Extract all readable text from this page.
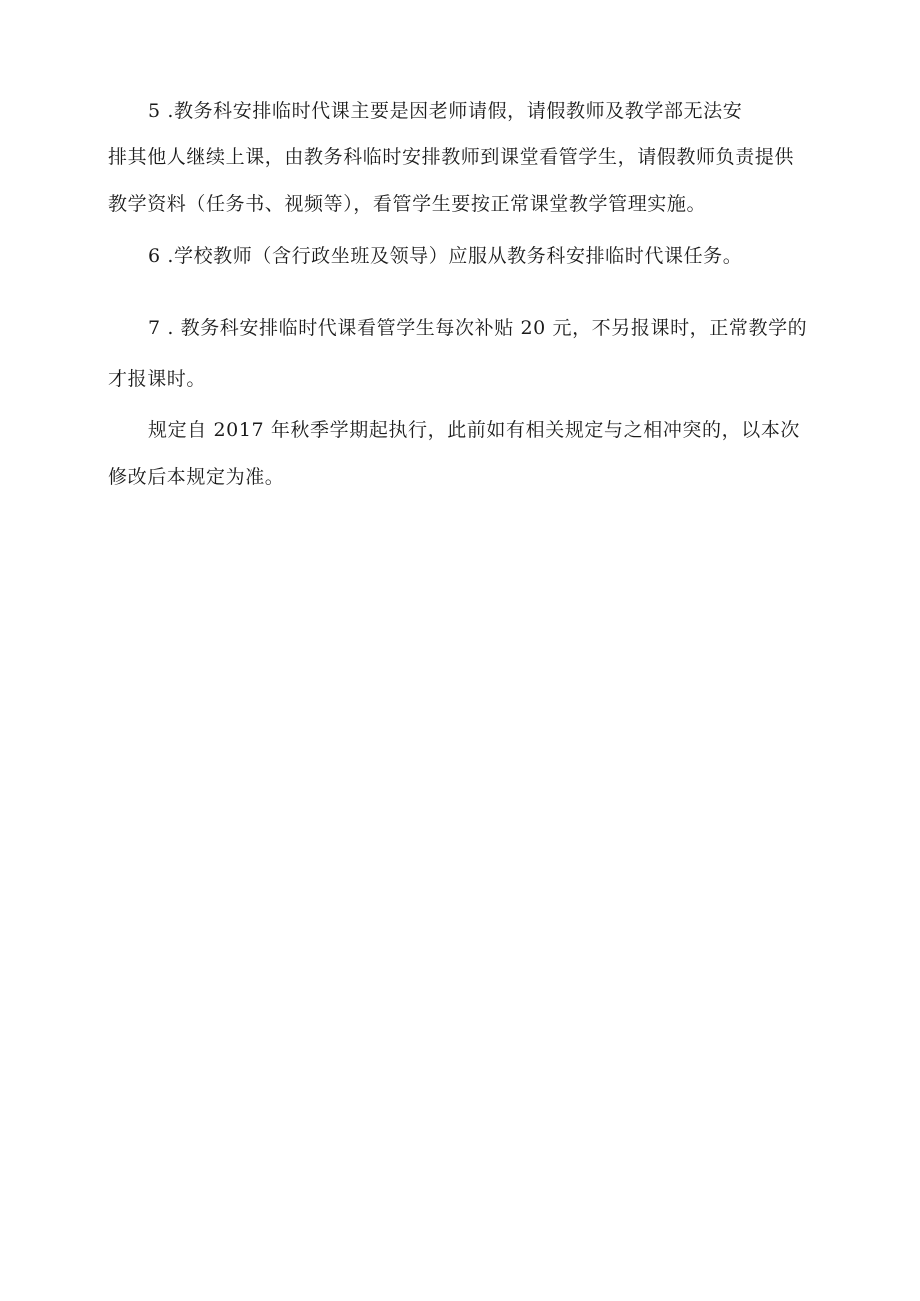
5 .教务科安排临时代课主要是因老师请假，请假教师及教学部无法安
排其他人继续上课，由教务科临时安排教师到课堂看管学生，请假教师负责提供
教学资料（任务书、视频等），看管学生要按正常课堂教学管理实施。
6 .学校教师（含行政坐班及领导）应服从教务科安排临时代课任务。
7 . 教务科安排临时代课看管学生每次补贴 20 元，不另报课时，正常教学的
才报课时。
规定自 2017 年秋季学期起执行，此前如有相关规定与之相冲突的，以本次
修改后本规定为准。
